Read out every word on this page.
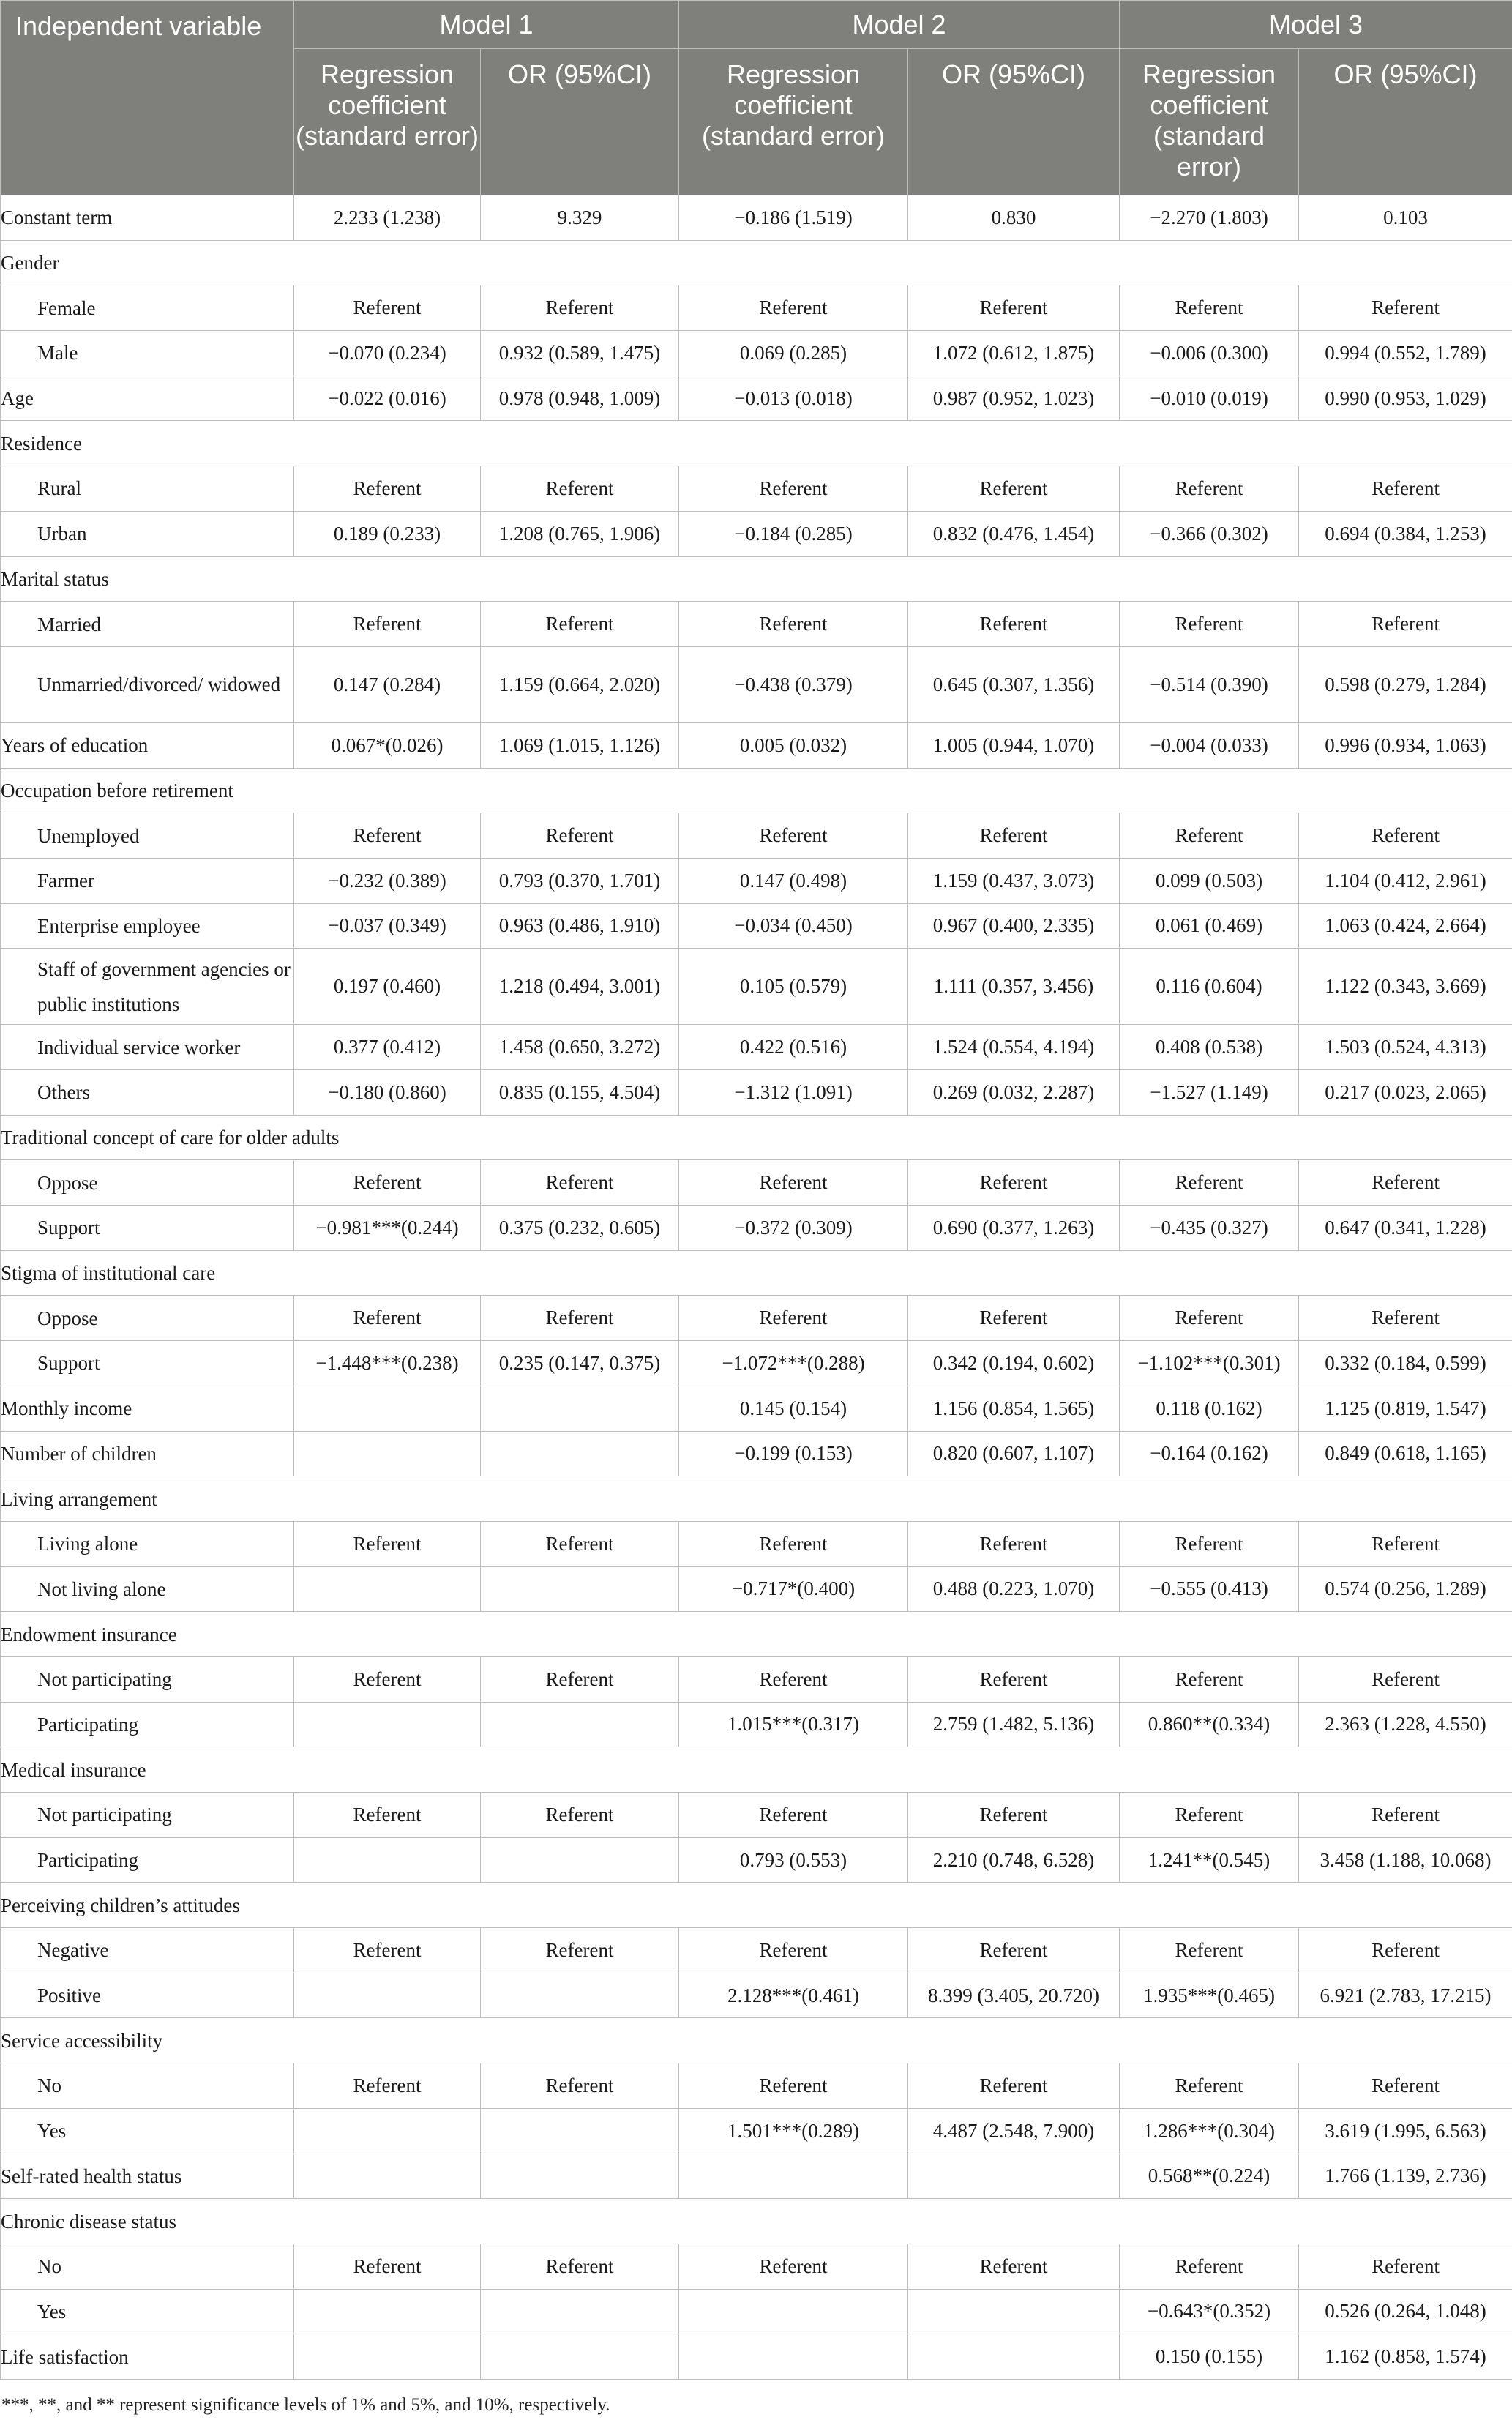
Independent variable	Model 1		Model 2		Model 3	
	Regression coefficient (standard error)	OR (95%CI)	Regression coefficient (standard error)	OR (95%CI)	Regression coefficient (standard error)	OR (95%CI)
Constant term	2.233 (1.238)	9.329	−0.186 (1.519)	0.830	−2.270 (1.803)	0.103
Gender						
Female	Referent	Referent	Referent	Referent	Referent	Referent
Male	−0.070 (0.234)	0.932 (0.589, 1.475)	0.069 (0.285)	1.072 (0.612, 1.875)	−0.006 (0.300)	0.994 (0.552, 1.789)
Age	−0.022 (0.016)	0.978 (0.948, 1.009)	−0.013 (0.018)	0.987 (0.952, 1.023)	−0.010 (0.019)	0.990 (0.953, 1.029)
Residence						
Rural	Referent	Referent	Referent	Referent	Referent	Referent
Urban	0.189 (0.233)	1.208 (0.765, 1.906)	−0.184 (0.285)	0.832 (0.476, 1.454)	−0.366 (0.302)	0.694 (0.384, 1.253)
Marital status						
Married	Referent	Referent	Referent	Referent	Referent	Referent
Unmarried/divorced/ widowed	0.147 (0.284)	1.159 (0.664, 2.020)	−0.438 (0.379)	0.645 (0.307, 1.356)	−0.514 (0.390)	0.598 (0.279, 1.284)
Years of education	0.067*(0.026)	1.069 (1.015, 1.126)	0.005 (0.032)	1.005 (0.944, 1.070)	−0.004 (0.033)	0.996 (0.934, 1.063)
Occupation before retirement						
Unemployed	Referent	Referent	Referent	Referent	Referent	Referent
Farmer	−0.232 (0.389)	0.793 (0.370, 1.701)	0.147 (0.498)	1.159 (0.437, 3.073)	0.099 (0.503)	1.104 (0.412, 2.961)
Enterprise employee	−0.037 (0.349)	0.963 (0.486, 1.910)	−0.034 (0.450)	0.967 (0.400, 2.335)	0.061 (0.469)	1.063 (0.424, 2.664)
Staff of government agencies or public institutions	0.197 (0.460)	1.218 (0.494, 3.001)	0.105 (0.579)	1.111 (0.357, 3.456)	0.116 (0.604)	1.122 (0.343, 3.669)
Individual service worker	0.377 (0.412)	1.458 (0.650, 3.272)	0.422 (0.516)	1.524 (0.554, 4.194)	0.408 (0.538)	1.503 (0.524, 4.313)
Others	−0.180 (0.860)	0.835 (0.155, 4.504)	−1.312 (1.091)	0.269 (0.032, 2.287)	−1.527 (1.149)	0.217 (0.023, 2.065)
Traditional concept of care for older adults						
Oppose	Referent	Referent	Referent	Referent	Referent	Referent
Support	−0.981***(0.244)	0.375 (0.232, 0.605)	−0.372 (0.309)	0.690 (0.377, 1.263)	−0.435 (0.327)	0.647 (0.341, 1.228)
Stigma of institutional care						
Oppose	Referent	Referent	Referent	Referent	Referent	Referent
Support	−1.448***(0.238)	0.235 (0.147, 0.375)	−1.072***(0.288)	0.342 (0.194, 0.602)	−1.102***(0.301)	0.332 (0.184, 0.599)
Monthly income			0.145 (0.154)	1.156 (0.854, 1.565)	0.118 (0.162)	1.125 (0.819, 1.547)
Number of children			−0.199 (0.153)	0.820 (0.607, 1.107)	−0.164 (0.162)	0.849 (0.618, 1.165)
Living arrangement						
Living alone	Referent	Referent	Referent	Referent	Referent	Referent
Not living alone			−0.717*(0.400)	0.488 (0.223, 1.070)	−0.555 (0.413)	0.574 (0.256, 1.289)
Endowment insurance						
Not participating	Referent	Referent	Referent	Referent	Referent	Referent
Participating			1.015***(0.317)	2.759 (1.482, 5.136)	0.860**(0.334)	2.363 (1.228, 4.550)
Medical insurance						
Not participating	Referent	Referent	Referent	Referent	Referent	Referent
Participating			0.793 (0.553)	2.210 (0.748, 6.528)	1.241**(0.545)	3.458 (1.188, 10.068)
Perceiving children’s attitudes						
Negative	Referent	Referent	Referent	Referent	Referent	Referent
Positive			2.128***(0.461)	8.399 (3.405, 20.720)	1.935***(0.465)	6.921 (2.783, 17.215)
Service accessibility						
No	Referent	Referent	Referent	Referent	Referent	Referent
Yes			1.501***(0.289)	4.487 (2.548, 7.900)	1.286***(0.304)	3.619 (1.995, 6.563)
Self-rated health status					0.568**(0.224)	1.766 (1.139, 2.736)
Chronic disease status						
No	Referent	Referent	Referent	Referent	Referent	Referent
Yes					−0.643*(0.352)	0.526 (0.264, 1.048)
Life satisfaction					0.150 (0.155)	1.162 (0.858, 1.574)
***, **, and ** represent significance levels of 1% and 5%, and 10%, respectively.
